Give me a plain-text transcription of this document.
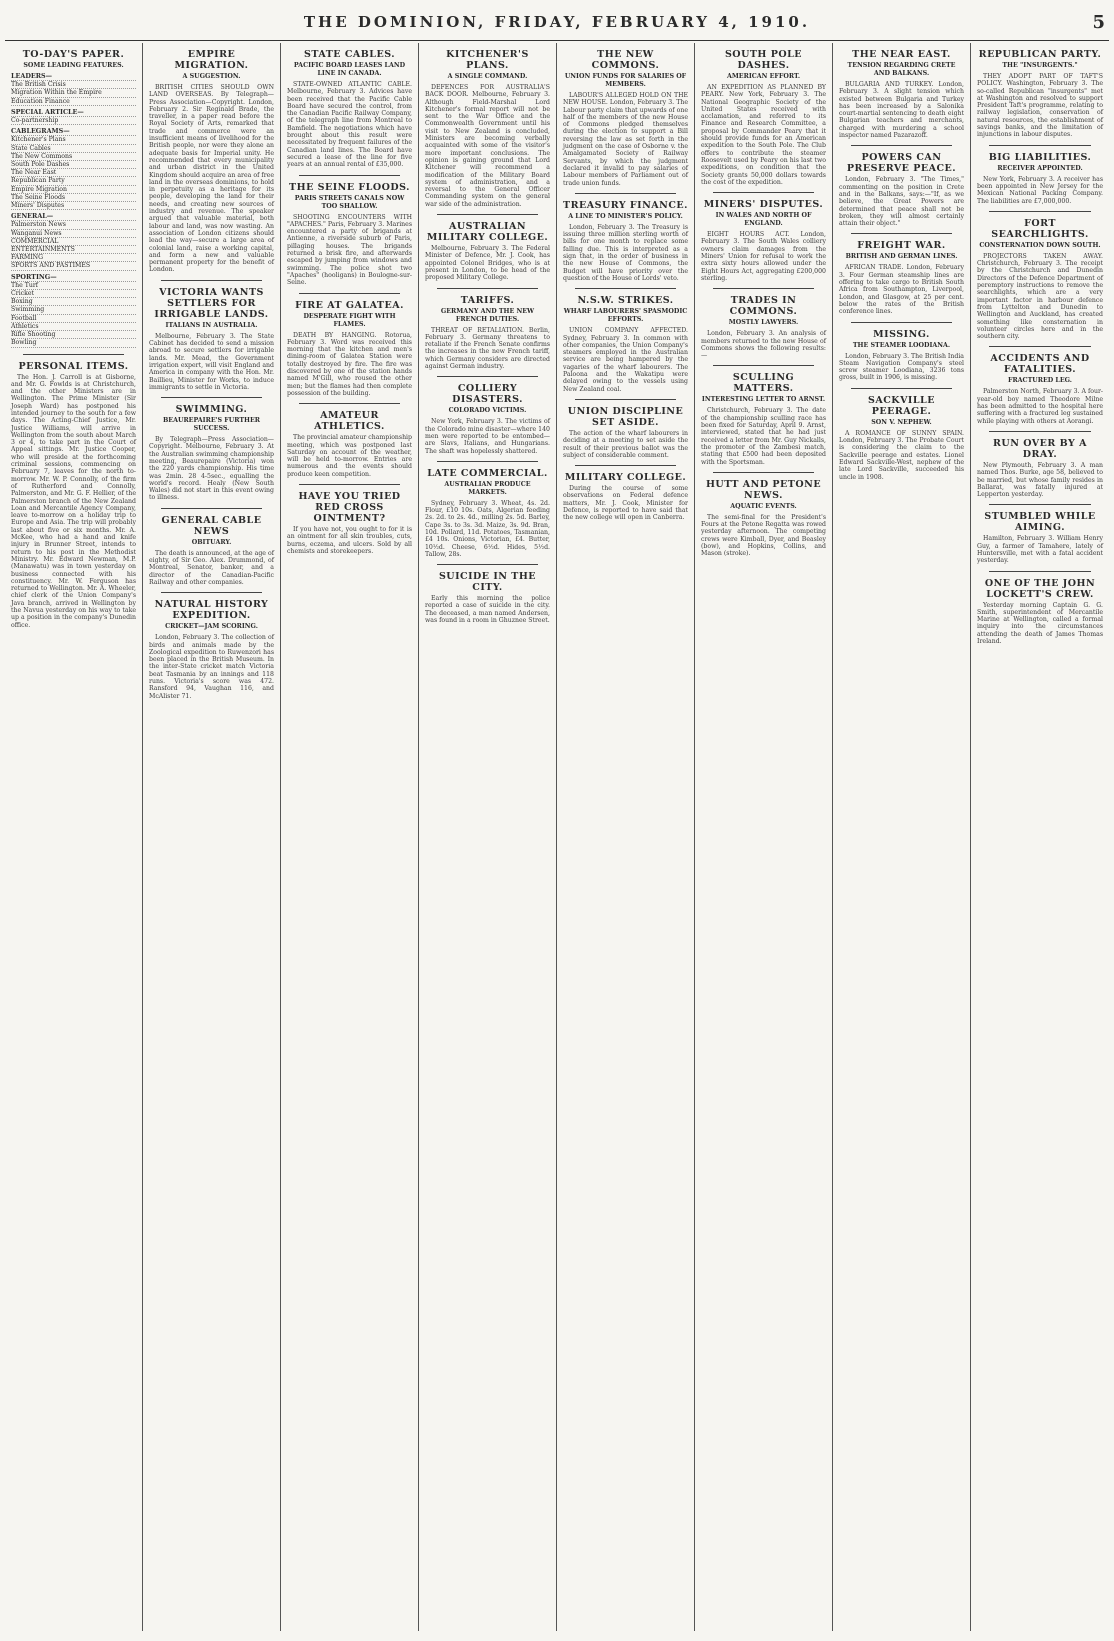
THE DOMINION, FRIDAY, FEBRUARY 4, 1910.	5
TO-DAY'S PAPER.
SOME LEADING FEATURES.
LEADERS—
The British Crisis
Migration Within the Empire
Education Finance
SPECIAL ARTICLE—
Co-partnership
CABLEGRAMS—
Kitchener's Plans
State Cables
The New Commons
South Pole Dashes
The Near East
Republican Party
Empire Migration
The Seine Floods
Miners' Disputes
GENERAL—
Palmerston News
Wanganui News
COMMERCIAL
ENTERTAINMENTS
FARMING
SPORTS AND PASTIMES
SPORTING—
The Turf
Cricket
Boxing
Swimming
Football
Athletics
Rifle Shooting
Bowling
PERSONAL ITEMS.

The Hon. J. Carroll is at Gisborne, and Mr. G. Fowlds is at Christchurch, and the other Ministers are in Wellington. The Prime Minister (Sir Joseph Ward) has postponed his intended journey to the south for a few days. The Acting-Chief Justice, Mr. Justice Williams, will arrive in Wellington from the south about March 3 or 4, to take part in the Court of Appeal sittings. Mr. Justice Cooper, who will preside at the forthcoming criminal sessions, commencing on February 7, leaves for the north to-morrow. Mr. W. P. Connolly, of the firm of Rutherford and Connolly, Palmerston, and Mr. G. F. Hellier, of the Palmerston branch of the New Zealand Loan and Mercantile Agency Company, leave to-morrow on a holiday trip to Europe and Asia. The trip will probably last about five or six months. Mr. A. McKee, who had a hand and knife injury in Brunner Street, intends to return to his post in the Methodist Ministry. Mr. Edward Newman, M.P. (Manawatu) was in town yesterday on business connected with his constituency. Mr. W. Ferguson has returned to Wellington. Mr. A. Wheeler, chief clerk of the Union Company's Java branch, arrived in Wellington by the Navua yesterday on his way to take up a position in the company's Dunedin office.

EMPIRE MIGRATION.
A SUGGESTION.

BRITISH CITIES SHOULD OWN LAND OVERSEAS. By Telegraph—Press Association—Copyright. London, February 2. Sir Reginald Brade, the traveller, in a paper read before the Royal Society of Arts, remarked that trade and commerce were an insufficient means of livelihood for the British people, nor were they alone an adequate basis for Imperial unity. He recommended that every municipality and urban district in the United Kingdom should acquire an area of free land in the overseas dominions, to hold in perpetuity as a heritage for its people, developing the land for their needs, and creating new sources of industry and revenue. The speaker argued that valuable material, both labour and land, was now wasting. An association of London citizens should lead the way—secure a large area of colonial land, raise a working capital, and form a new and valuable permanent property for the benefit of London.

VICTORIA WANTS SETTLERS FOR IRRIGABLE LANDS.
ITALIANS IN AUSTRALIA.

Melbourne, February 3. The State Cabinet has decided to send a mission abroad to secure settlers for irrigable lands. Mr. Mead, the Government irrigation expert, will visit England and America in company with the Hon. Mr. Baillieu, Minister for Works, to induce immigrants to settle in Victoria.

SWIMMING.
BEAUREPAIRE'S FURTHER SUCCESS.

By Telegraph—Press Association—Copyright. Melbourne, February 3. At the Australian swimming championship meeting, Beaurepaire (Victoria) won the 220 yards championship. His time was 2min. 28 4-5sec., equalling the world's record. Healy (New South Wales) did not start in this event owing to illness.

GENERAL CABLE NEWS
OBITUARY.

The death is announced, at the age of eighty, of Sir Geo. Alex. Drummond, of Montreal, Senator, banker, and a director of the Canadian-Pacific Railway and other companies.

NATURAL HISTORY EXPEDITION.
CRICKET—JAM SCORING.

London, February 3. The collection of birds and animals made by the Zoological expedition to Ruwenzori has been placed in the British Museum. In the inter-State cricket match Victoria beat Tasmania by an innings and 118 runs. Victoria's score was 472. Ransford 94, Vaughan 116, and McAlister 71.

STATE CABLES.
PACIFIC BOARD LEASES LAND LINE IN CANADA.

STATE-OWNED ATLANTIC CABLE. Melbourne, February 3. Advices have been received that the Pacific Cable Board have secured the control, from the Canadian Pacific Railway Company, of the telegraph line from Montreal to Bamfield. The negotiations which have brought about this result were necessitated by frequent failures of the Canadian land lines. The Board have secured a lease of the line for five years at an annual rental of £35,000.

THE SEINE FLOODS.
PARIS STREETS CANALS NOW TOO SHALLOW.

SHOOTING ENCOUNTERS WITH "APACHES." Paris, February 3. Marines encountered a party of brigands at Antienne, a riverside suburb of Paris, pillaging houses. The brigands returned a brisk fire, and afterwards escaped by jumping from windows and swimming. The police shot two "Apaches" (hooligans) in Boulogne-sur-Seine.

FIRE AT GALATEA.
DESPERATE FIGHT WITH FLAMES.

DEATH BY HANGING. Rotorua, February 3. Word was received this morning that the kitchen and men's dining-room of Galatea Station were totally destroyed by fire. The fire was discovered by one of the station hands named M'Gill, who roused the other men; but the flames had then complete possession of the building.

AMATEUR ATHLETICS.

The provincial amateur championship meeting, which was postponed last Saturday on account of the weather, will be held to-morrow. Entries are numerous and the events should produce keen competition.

HAVE YOU TRIED RED CROSS OINTMENT?

If you have not, you ought to for it is an ointment for all skin troubles, cuts, burns, eczema, and ulcers. Sold by all chemists and storekeepers.

KITCHENER'S PLANS.
A SINGLE COMMAND.

DEFENCES FOR AUSTRALIA'S BACK DOOR. Melbourne, February 3. Although Field-Marshal Lord Kitchener's formal report will not be sent to the War Office and the Commonwealth Government until his visit to New Zealand is concluded, Ministers are becoming verbally acquainted with some of the visitor's more important conclusions. The opinion is gaining ground that Lord Kitchener will recommend a modification of the Military Board system of administration, and a reversal to the General Officer Commanding system on the general war side of the administration.

AUSTRALIAN MILITARY COLLEGE.

Melbourne, February 3. The Federal Minister of Defence, Mr. J. Cook, has appointed Colonel Bridges, who is at present in London, to be head of the proposed Military College.

TARIFFS.
GERMANY AND THE NEW FRENCH DUTIES.

THREAT OF RETALIATION. Berlin, February 3. Germany threatens to retaliate if the French Senate confirms the increases in the new French tariff, which Germany considers are directed against German industry.

COLLIERY DISASTERS.
COLORADO VICTIMS.

New York, February 3. The victims of the Colorado mine disaster—where 140 men were reported to be entombed—are Slavs, Italians, and Hungarians. The shaft was hopelessly shattered.

LATE COMMERCIAL.
AUSTRALIAN PRODUCE MARKETS.

Sydney, February 3. Wheat, 4s. 2d. Flour, £10 10s. Oats, Algerian feeding 2s. 2d. to 2s. 4d., milling 2s. 5d. Barley, Cape 3s. to 3s. 3d. Maize, 3s. 9d. Bran, 10d. Pollard, 11d. Potatoes, Tasmanian, £4 10s. Onions, Victorian, £4. Butter, 10½d. Cheese, 6½d. Hides, 5½d. Tallow, 28s.

SUICIDE IN THE CITY.

Early this morning the police reported a case of suicide in the city. The deceased, a man named Andersen, was found in a room in Ghuznee Street.

THE NEW COMMONS.
UNION FUNDS FOR SALARIES OF MEMBERS.

LABOUR'S ALLEGED HOLD ON THE NEW HOUSE. London, February 3. The Labour party claim that upwards of one half of the members of the new House of Commons pledged themselves during the election to support a Bill reversing the law as set forth in the judgment on the case of Osborne v. the Amalgamated Society of Railway Servants, by which the judgment declared it invalid to pay salaries of Labour members of Parliament out of trade union funds.

TREASURY FINANCE.
A LINE TO MINISTER'S POLICY.

London, February 3. The Treasury is issuing three million sterling worth of bills for one month to replace some falling due. This is interpreted as a sign that, in the order of business in the new House of Commons, the Budget will have priority over the question of the House of Lords' veto.

N.S.W. STRIKES.
WHARF LABOURERS' SPASMODIC EFFORTS.

UNION COMPANY AFFECTED. Sydney, February 3. In common with other companies, the Union Company's steamers employed in the Australian service are being hampered by the vagaries of the wharf labourers. The Paloona and the Wakatipu were delayed owing to the vessels using New Zealand coal.

UNION DISCIPLINE SET ASIDE.

The action of the wharf labourers in deciding at a meeting to set aside the result of their previous ballot was the subject of considerable comment.

MILITARY COLLEGE.

During the course of some observations on Federal defence matters, Mr. J. Cook, Minister for Defence, is reported to have said that the new college will open in Canberra.

SOUTH POLE DASHES.
AMERICAN EFFORT.

AN EXPEDITION AS PLANNED BY PEARY. New York, February 3. The National Geographic Society of the United States received with acclamation, and referred to its Finance and Research Committee, a proposal by Commander Peary that it should provide funds for an American expedition to the South Pole. The Club offers to contribute the steamer Roosevelt used by Peary on his last two expeditions, on condition that the Society grants 50,000 dollars towards the cost of the expedition.

MINERS' DISPUTES.
IN WALES AND NORTH OF ENGLAND.

EIGHT HOURS ACT. London, February 3. The South Wales colliery owners claim damages from the Miners' Union for refusal to work the extra sixty hours allowed under the Eight Hours Act, aggregating £200,000 sterling.

TRADES IN COMMONS.
MOSTLY LAWYERS.

London, February 3. An analysis of members returned to the new House of Commons shows the following results:—

SCULLING MATTERS.
INTERESTING LETTER TO ARNST.

Christchurch, February 3. The date of the championship sculling race has been fixed for Saturday, April 9. Arnst, interviewed, stated that he had just received a letter from Mr. Guy Nickalls, the promoter of the Zambesi match, stating that £500 had been deposited with the Sportsman.

HUTT AND PETONE NEWS.
AQUATIC EVENTS.

The semi-final for the President's Fours at the Petone Regatta was rowed yesterday afternoon. The competing crews were Kimball, Dyer, and Beasley (bow), and Hopkins, Collins, and Mason (stroke).

THE NEAR EAST.
TENSION REGARDING CRETE AND BALKANS.

BULGARIA AND TURKEY. London, February 3. A slight tension which existed between Bulgaria and Turkey has been increased by a Salonika court-martial sentencing to death eight Bulgarian teachers and merchants, charged with murdering a school inspector named Pazarazoff.

POWERS CAN PRESERVE PEACE.

London, February 3. "The Times," commenting on the position in Crete and in the Balkans, says:—"If, as we believe, the Great Powers are determined that peace shall not be broken, they will almost certainly attain their object."

FREIGHT WAR.
BRITISH AND GERMAN LINES.

AFRICAN TRADE. London, February 3. Four German steamship lines are offering to take cargo to British South Africa from Southampton, Liverpool, London, and Glasgow, at 25 per cent. below the rates of the British conference lines.

MISSING.
THE STEAMER LOODIANA.

London, February 3. The British India Steam Navigation Company's steel screw steamer Loodiana, 3236 tons gross, built in 1906, is missing.

SACKVILLE PEERAGE.
SON V. NEPHEW.

A ROMANCE OF SUNNY SPAIN. London, February 3. The Probate Court is considering the claim to the Sackville peerage and estates. Lionel Edward Sackville-West, nephew of the late Lord Sackville, succeeded his uncle in 1908.

REPUBLICAN PARTY.
THE "INSURGENTS."

THEY ADOPT PART OF TAFT'S POLICY. Washington, February 3. The so-called Republican "insurgents" met at Washington and resolved to support President Taft's programme, relating to railway legislation, conservation of natural resources, the establishment of savings banks, and the limitation of injunctions in labour disputes.

BIG LIABILITIES.
RECEIVER APPOINTED.

New York, February 3. A receiver has been appointed in New Jersey for the Mexican National Packing Company. The liabilities are £7,000,000.

FORT SEARCHLIGHTS.
CONSTERNATION DOWN SOUTH.

PROJECTORS TAKEN AWAY. Christchurch, February 3. The receipt by the Christchurch and Dunedin Directors of the Defence Department of peremptory instructions to remove the searchlights, which are a very important factor in harbour defence from Lyttelton and Dunedin to Wellington and Auckland, has created something like consternation in volunteer circles here and in the southern city.

ACCIDENTS AND FATALITIES.
FRACTURED LEG.

Palmerston North, February 3. A four-year-old boy named Theodore Milne has been admitted to the hospital here suffering with a fractured leg sustained while playing with others at Aorangi.

RUN OVER BY A DRAY.

New Plymouth, February 3. A man named Thos. Burke, age 58, believed to be married, but whose family resides in Ballarat, was fatally injured at Lepperton yesterday.

STUMBLED WHILE AIMING.

Hamilton, February 3. William Henry Guy, a farmer of Tamahere, lately of Huntersville, met with a fatal accident yesterday.

ONE OF THE JOHN LOCKETT'S CREW.

Yesterday morning Captain G. G. Smith, superintendent of Mercantile Marine at Wellington, called a formal inquiry into the circumstances attending the death of James Thomas Ireland.
